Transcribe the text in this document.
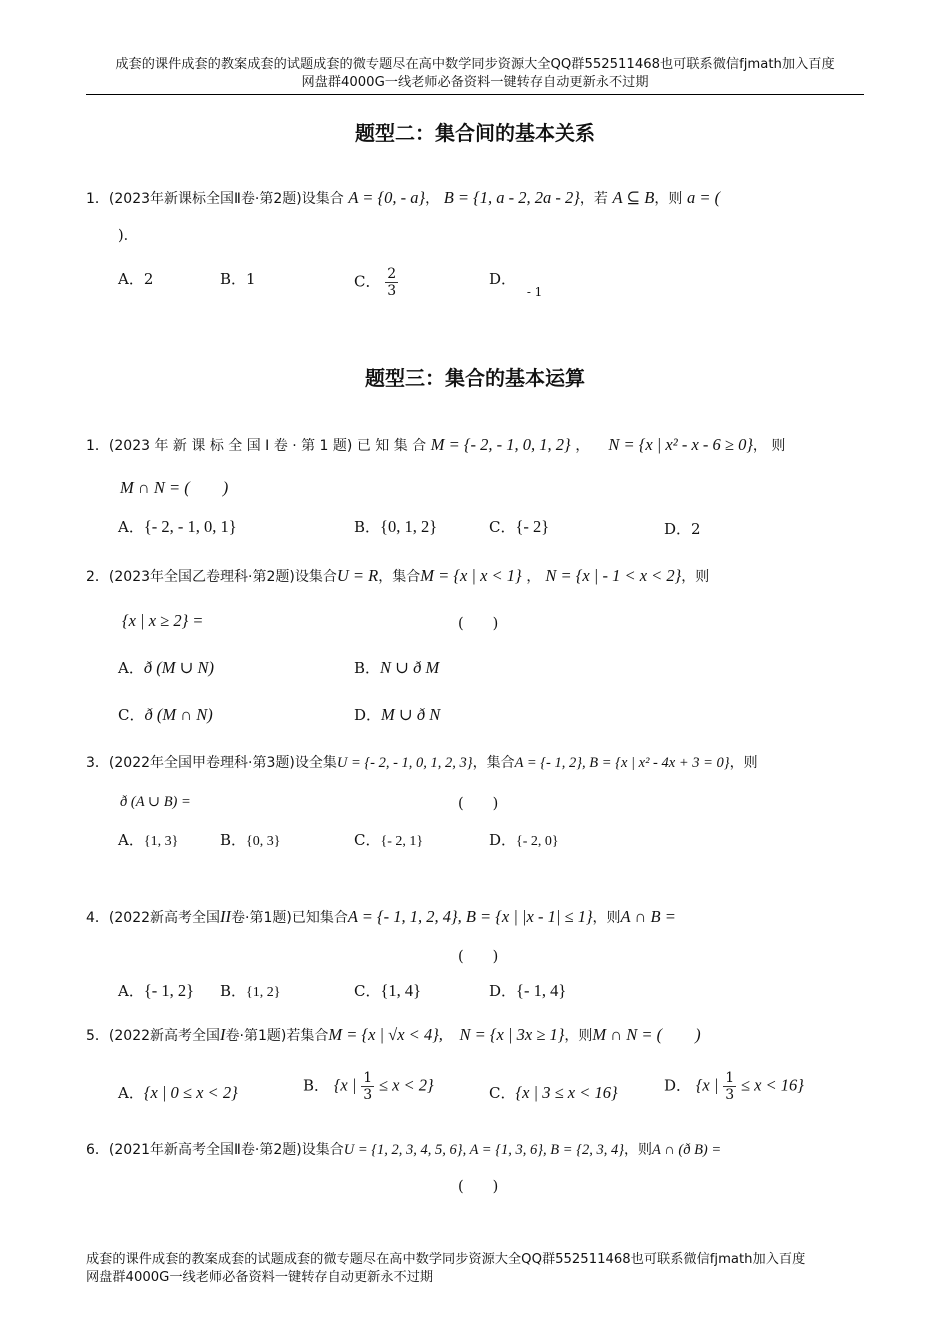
成套的课件成套的教案成套的试题成套的微专题尽在高中数学同步资源大全QQ群552511468也可联系微信fjmath加入百度
网盘群4000G一线老师必备资料一键转存自动更新永不过期
题型二：集合间的基本关系
1．(2023年新课标全国Ⅱ卷·第2题)设集合 A = {0, - a}， B = {1, a - 2, 2a - 2}，若 A ⊆ B，则 a = (
)．
A．2	B．1	C． $\frac{2}{3}$	D． $_{- 1}$
题型三：集合的基本运算
1．(2023 年 新 课 标 全 国 Ⅰ 卷 · 第 1 题) 已 知 集 合 M = {- 2, - 1, 0, 1, 2} ， N = {x | x² - x - 6 ≥ 0}， 则
M ∩ N = (　　)
A．{- 2, - 1, 0, 1}	B．{0, 1, 2}	C．{- 2}	D．2
2．(2023年全国乙卷理科·第2题)设集合U = R，集合M = {x | x < 1} ， N = {x | - 1 < x < 2}，则
{x | x ≥ 2} =	(　　)
A．ð (M ∪ N)	B．N ∪ ð M
C．ð (M ∩ N)	D．M ∪ ð N
3．(2022年全国甲卷理科·第3题)设全集U = {- 2, - 1, 0, 1, 2, 3}，集合A = {- 1, 2}, B = {x | x² - 4x + 3 = 0}，则
ð (A ∪ B) =	(　　)
A．{1, 3}	B．{0, 3}	C．{- 2, 1}	D．{- 2, 0}
4．(2022新高考全国II卷·第1题)已知集合A = {- 1, 1, 2, 4}, B = {x | |x - 1| ≤ 1}，则A ∩ B =
(　　)
A．{- 1, 2} B．{1, 2}	C．{1, 4}	D．{- 1, 4}
5．(2022新高考全国I卷·第1题)若集合M = {x | √x < 4}, N = {x | 3x ≥ 1}，则M ∩ N = (　　)
A．{x | 0 ≤ x < 2}	B． {x | $\frac{1}{3} \le x < 2$}	C．{x | 3 ≤ x < 16}	D． {x | $\frac{1}{3} \le x < 16$}
6．(2021年新高考全国Ⅱ卷·第2题)设集合U = {1, 2, 3, 4, 5, 6}, A = {1, 3, 6}, B = {2, 3, 4}，则A ∩ (ð B) =
(　　)
成套的课件成套的教案成套的试题成套的微专题尽在高中数学同步资源大全QQ群552511468也可联系微信fjmath加入百度
网盘群4000G一线老师必备资料一键转存自动更新永不过期
